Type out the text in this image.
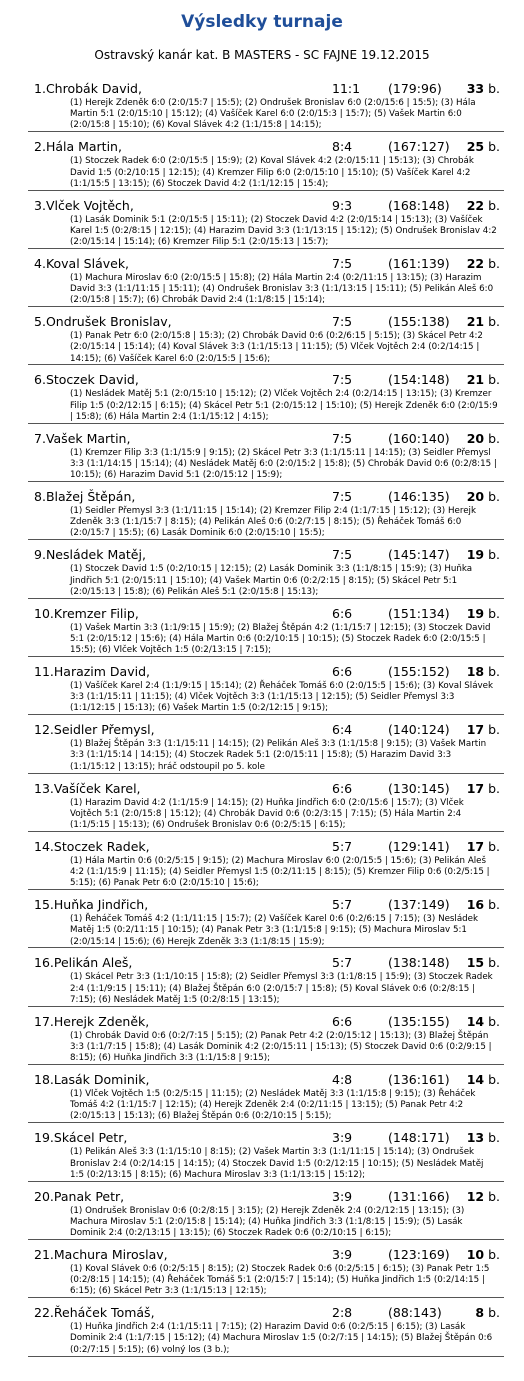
Výsledky turnaje
Ostravský kanár kat. B MASTERS - SC FAJNE 19.12.2015
1.Chrobák David,	11:1	(179:96)	33 b.
(1) Herejk Zdeněk 6:0 (2:0/15:7 | 15:5); (2) Ondrušek Bronislav 6:0 (2:0/15:6 | 15:5); (3) Hála Martin 5:1 (2:0/15:10 | 15:12); (4) Vašíček Karel 6:0 (2:0/15:3 | 15:7); (5) Vašek Martin 6:0 (2:0/15:8 | 15:10); (6) Koval Slávek 4:2 (1:1/15:8 | 14:15);
2.Hála Martin,	8:4	(167:127)	25 b.
(1) Stoczek Radek 6:0 (2:0/15:5 | 15:9); (2) Koval Slávek 4:2 (2:0/15:11 | 15:13); (3) Chrobák David 1:5 (0:2/10:15 | 12:15); (4) Kremzer Filip 6:0 (2:0/15:10 | 15:10); (5) Vašíček Karel 4:2 (1:1/15:5 | 13:15); (6) Stoczek David 4:2 (1:1/12:15 | 15:4);
3.Vlček Vojtěch,	9:3	(168:148)	22 b.
(1) Lasák Dominik 5:1 (2:0/15:5 | 15:11); (2) Stoczek David 4:2 (2:0/15:14 | 15:13); (3) Vašíček Karel 1:5 (0:2/8:15 | 12:15); (4) Harazim David 3:3 (1:1/13:15 | 15:12); (5) Ondrušek Bronislav 4:2 (2:0/15:14 | 15:14); (6) Kremzer Filip 5:1 (2:0/15:13 | 15:7);
4.Koval Slávek,	7:5	(161:139)	22 b.
(1) Machura Miroslav 6:0 (2:0/15:5 | 15:8); (2) Hála Martin 2:4 (0:2/11:15 | 13:15); (3) Harazim David 3:3 (1:1/11:15 | 15:11); (4) Ondrušek Bronislav 3:3 (1:1/13:15 | 15:11); (5) Pelikán Aleš 6:0 (2:0/15:8 | 15:7); (6) Chrobák David 2:4 (1:1/8:15 | 15:14);
5.Ondrušek Bronislav,	7:5	(155:138)	21 b.
(1) Panak Petr 6:0 (2:0/15:8 | 15:3); (2) Chrobák David 0:6 (0:2/6:15 | 5:15); (3) Skácel Petr 4:2 (2:0/15:14 | 15:14); (4) Koval Slávek 3:3 (1:1/15:13 | 11:15); (5) Vlček Vojtěch 2:4 (0:2/14:15 | 14:15); (6) Vašíček Karel 6:0 (2:0/15:5 | 15:6);
6.Stoczek David,	7:5	(154:148)	21 b.
(1) Nesládek Matěj 5:1 (2:0/15:10 | 15:12); (2) Vlček Vojtěch 2:4 (0:2/14:15 | 13:15); (3) Kremzer Filip 1:5 (0:2/12:15 | 6:15); (4) Skácel Petr 5:1 (2:0/15:12 | 15:10); (5) Herejk Zdeněk 6:0 (2:0/15:9 | 15:8); (6) Hála Martin 2:4 (1:1/15:12 | 4:15);
7.Vašek Martin,	7:5	(160:140)	20 b.
(1) Kremzer Filip 3:3 (1:1/15:9 | 9:15); (2) Skácel Petr 3:3 (1:1/15:11 | 14:15); (3) Seidler Přemysl 3:3 (1:1/14:15 | 15:14); (4) Nesládek Matěj 6:0 (2:0/15:2 | 15:8); (5) Chrobák David 0:6 (0:2/8:15 | 10:15); (6) Harazim David 5:1 (2:0/15:12 | 15:9);
8.Blažej Štěpán,	7:5	(146:135)	20 b.
(1) Seidler Přemysl 3:3 (1:1/11:15 | 15:14); (2) Kremzer Filip 2:4 (1:1/7:15 | 15:12); (3) Herejk Zdeněk 3:3 (1:1/15:7 | 8:15); (4) Pelikán Aleš 0:6 (0:2/7:15 | 8:15); (5) Řeháček Tomáš 6:0 (2:0/15:7 | 15:5); (6) Lasák Dominik 6:0 (2:0/15:10 | 15:5);
9.Nesládek Matěj,	7:5	(145:147)	19 b.
(1) Stoczek David 1:5 (0:2/10:15 | 12:15); (2) Lasák Dominik 3:3 (1:1/8:15 | 15:9); (3) Huňka Jindřich 5:1 (2:0/15:11 | 15:10); (4) Vašek Martin 0:6 (0:2/2:15 | 8:15); (5) Skácel Petr 5:1 (2:0/15:13 | 15:8); (6) Pelikán Aleš 5:1 (2:0/15:8 | 15:13);
10.Kremzer Filip,	6:6	(151:134)	19 b.
(1) Vašek Martin 3:3 (1:1/9:15 | 15:9); (2) Blažej Štěpán 4:2 (1:1/15:7 | 12:15); (3) Stoczek David 5:1 (2:0/15:12 | 15:6); (4) Hála Martin 0:6 (0:2/10:15 | 10:15); (5) Stoczek Radek 6:0 (2:0/15:5 | 15:5); (6) Vlček Vojtěch 1:5 (0:2/13:15 | 7:15);
11.Harazim David,	6:6	(155:152)	18 b.
(1) Vašíček Karel 2:4 (1:1/9:15 | 15:14); (2) Řeháček Tomáš 6:0 (2:0/15:5 | 15:6); (3) Koval Slávek 3:3 (1:1/15:11 | 11:15); (4) Vlček Vojtěch 3:3 (1:1/15:13 | 12:15); (5) Seidler Přemysl 3:3 (1:1/12:15 | 15:13); (6) Vašek Martin 1:5 (0:2/12:15 | 9:15);
12.Seidler Přemysl,	6:4	(140:124)	17 b.
(1) Blažej Štěpán 3:3 (1:1/15:11 | 14:15); (2) Pelikán Aleš 3:3 (1:1/15:8 | 9:15); (3) Vašek Martin 3:3 (1:1/15:14 | 14:15); (4) Stoczek Radek 5:1 (2:0/15:11 | 15:8); (5) Harazim David 3:3 (1:1/15:12 | 13:15); hráč odstoupil po 5. kole
13.Vašíček Karel,	6:6	(130:145)	17 b.
(1) Harazim David 4:2 (1:1/15:9 | 14:15); (2) Huňka Jindřich 6:0 (2:0/15:6 | 15:7); (3) Vlček Vojtěch 5:1 (2:0/15:8 | 15:12); (4) Chrobák David 0:6 (0:2/3:15 | 7:15); (5) Hála Martin 2:4 (1:1/5:15 | 15:13); (6) Ondrušek Bronislav 0:6 (0:2/5:15 | 6:15);
14.Stoczek Radek,	5:7	(129:141)	17 b.
(1) Hála Martin 0:6 (0:2/5:15 | 9:15); (2) Machura Miroslav 6:0 (2:0/15:5 | 15:6); (3) Pelikán Aleš 4:2 (1:1/15:9 | 11:15); (4) Seidler Přemysl 1:5 (0:2/11:15 | 8:15); (5) Kremzer Filip 0:6 (0:2/5:15 | 5:15); (6) Panak Petr 6:0 (2:0/15:10 | 15:6);
15.Huňka Jindřich,	5:7	(137:149)	16 b.
(1) Řeháček Tomáš 4:2 (1:1/11:15 | 15:7); (2) Vašíček Karel 0:6 (0:2/6:15 | 7:15); (3) Nesládek Matěj 1:5 (0:2/11:15 | 10:15); (4) Panak Petr 3:3 (1:1/15:8 | 9:15); (5) Machura Miroslav 5:1 (2:0/15:14 | 15:6); (6) Herejk Zdeněk 3:3 (1:1/8:15 | 15:9);
16.Pelikán Aleš,	5:7	(138:148)	15 b.
(1) Skácel Petr 3:3 (1:1/10:15 | 15:8); (2) Seidler Přemysl 3:3 (1:1/8:15 | 15:9); (3) Stoczek Radek 2:4 (1:1/9:15 | 15:11); (4) Blažej Štěpán 6:0 (2:0/15:7 | 15:8); (5) Koval Slávek 0:6 (0:2/8:15 | 7:15); (6) Nesládek Matěj 1:5 (0:2/8:15 | 13:15);
17.Herejk Zdeněk,	6:6	(135:155)	14 b.
(1) Chrobák David 0:6 (0:2/7:15 | 5:15); (2) Panak Petr 4:2 (2:0/15:12 | 15:13); (3) Blažej Štěpán 3:3 (1:1/7:15 | 15:8); (4) Lasák Dominik 4:2 (2:0/15:11 | 15:13); (5) Stoczek David 0:6 (0:2/9:15 | 8:15); (6) Huňka Jindřich 3:3 (1:1/15:8 | 9:15);
18.Lasák Dominik,	4:8	(136:161)	14 b.
(1) Vlček Vojtěch 1:5 (0:2/5:15 | 11:15); (2) Nesládek Matěj 3:3 (1:1/15:8 | 9:15); (3) Řeháček Tomáš 4:2 (1:1/15:7 | 12:15); (4) Herejk Zdeněk 2:4 (0:2/11:15 | 13:15); (5) Panak Petr 4:2 (2:0/15:13 | 15:13); (6) Blažej Štěpán 0:6 (0:2/10:15 | 5:15);
19.Skácel Petr,	3:9	(148:171)	13 b.
(1) Pelikán Aleš 3:3 (1:1/15:10 | 8:15); (2) Vašek Martin 3:3 (1:1/11:15 | 15:14); (3) Ondrušek Bronislav 2:4 (0:2/14:15 | 14:15); (4) Stoczek David 1:5 (0:2/12:15 | 10:15); (5) Nesládek Matěj 1:5 (0:2/13:15 | 8:15); (6) Machura Miroslav 3:3 (1:1/13:15 | 15:12);
20.Panak Petr,	3:9	(131:166)	12 b.
(1) Ondrušek Bronislav 0:6 (0:2/8:15 | 3:15); (2) Herejk Zdeněk 2:4 (0:2/12:15 | 13:15); (3) Machura Miroslav 5:1 (2:0/15:8 | 15:14); (4) Huňka Jindřich 3:3 (1:1/8:15 | 15:9); (5) Lasák Dominik 2:4 (0:2/13:15 | 13:15); (6) Stoczek Radek 0:6 (0:2/10:15 | 6:15);
21.Machura Miroslav,	3:9	(123:169)	10 b.
(1) Koval Slávek 0:6 (0:2/5:15 | 8:15); (2) Stoczek Radek 0:6 (0:2/5:15 | 6:15); (3) Panak Petr 1:5 (0:2/8:15 | 14:15); (4) Řeháček Tomáš 5:1 (2:0/15:7 | 15:14); (5) Huňka Jindřich 1:5 (0:2/14:15 | 6:15); (6) Skácel Petr 3:3 (1:1/15:13 | 12:15);
22.Řeháček Tomáš,	2:8	(88:143)	8 b.
(1) Huňka Jindřich 2:4 (1:1/15:11 | 7:15); (2) Harazim David 0:6 (0:2/5:15 | 6:15); (3) Lasák Dominik 2:4 (1:1/7:15 | 15:12); (4) Machura Miroslav 1:5 (0:2/7:15 | 14:15); (5) Blažej Štěpán 0:6 (0:2/7:15 | 5:15); (6) volný los (3 b.);
